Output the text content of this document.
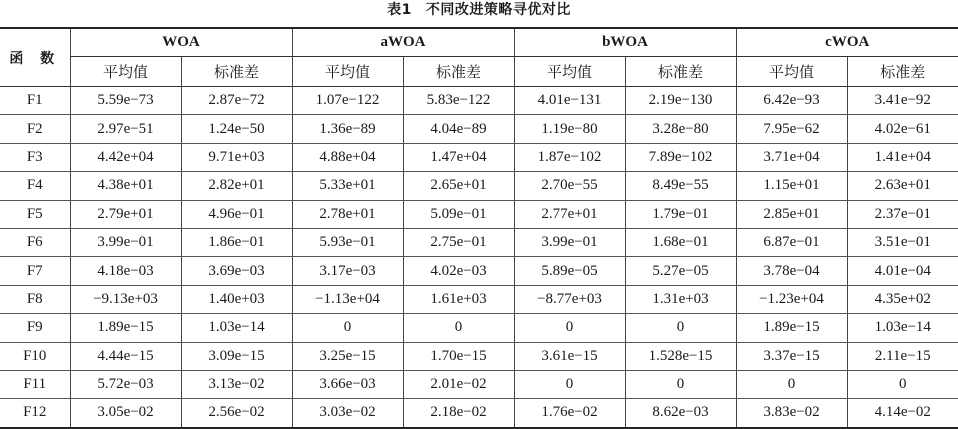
表1 不同改进策略寻优对比
函 数	WOA		aWOA		bWOA		cWOA	
	平均值	标准差	平均值	标准差	平均值	标准差	平均值	标准差
F1	5.59e−73	2.87e−72	1.07e−122	5.83e−122	4.01e−131	2.19e−130	6.42e−93	3.41e−92
F2	2.97e−51	1.24e−50	1.36e−89	4.04e−89	1.19e−80	3.28e−80	7.95e−62	4.02e−61
F3	4.42e+04	9.71e+03	4.88e+04	1.47e+04	1.87e−102	7.89e−102	3.71e+04	1.41e+04
F4	4.38e+01	2.82e+01	5.33e+01	2.65e+01	2.70e−55	8.49e−55	1.15e+01	2.63e+01
F5	2.79e+01	4.96e−01	2.78e+01	5.09e−01	2.77e+01	1.79e−01	2.85e+01	2.37e−01
F6	3.99e−01	1.86e−01	5.93e−01	2.75e−01	3.99e−01	1.68e−01	6.87e−01	3.51e−01
F7	4.18e−03	3.69e−03	3.17e−03	4.02e−03	5.89e−05	5.27e−05	3.78e−04	4.01e−04
F8	−9.13e+03	1.40e+03	−1.13e+04	1.61e+03	−8.77e+03	1.31e+03	−1.23e+04	4.35e+02
F9	1.89e−15	1.03e−14	0	0	0	0	1.89e−15	1.03e−14
F10	4.44e−15	3.09e−15	3.25e−15	1.70e−15	3.61e−15	1.528e−15	3.37e−15	2.11e−15
F11	5.72e−03	3.13e−02	3.66e−03	2.01e−02	0	0	0	0
F12	3.05e−02	2.56e−02	3.03e−02	2.18e−02	1.76e−02	8.62e−03	3.83e−02	4.14e−02
